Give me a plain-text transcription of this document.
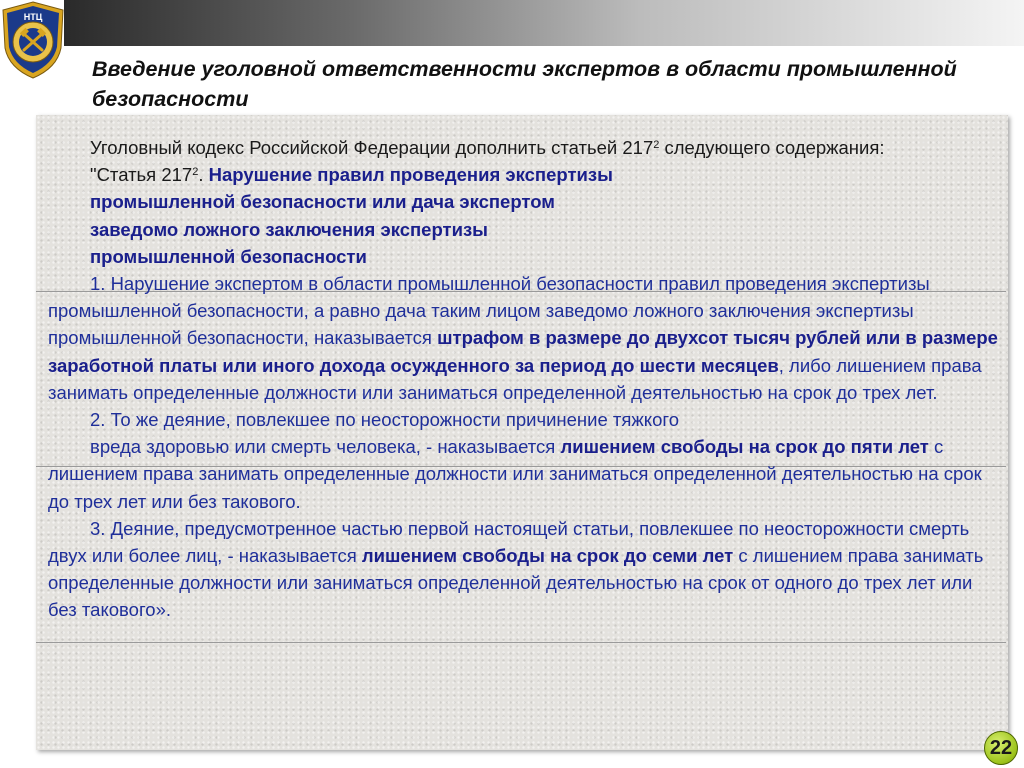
НТЦ
Введение уголовной ответственности экспертов в области промышленной безопасности

Уголовный кодекс Российской Федерации дополнить статьей $217^2$ следующего содержания:

"Статья $217^2$. Нарушение правил проведения экспертизы

промышленной безопасности или дача экспертом
заведомо ложного заключения экспертизы
промышленной безопасности

1. Нарушение экспертом в области промышленной безопасности правил проведения экспертизы промышленной безопасности, а равно дача таким лицом заведомо ложного заключения экспертизы промышленной безопасности, наказывается штрафом в размере до двухсот тысяч рублей или в размере заработной платы или иного дохода осужденного за период до шести месяцев, либо лишением права занимать определенные должности или заниматься определенной деятельностью на срок до трех лет.

2. То же деяние, повлекшее по неосторожности причинение тяжкого

вреда здоровью или смерть человека, - наказывается лишением свободы на срок до пяти лет с лишением права занимать определенные должности или заниматься определенной деятельностью на срок до трех лет или без такового.

3. Деяние, предусмотренное частью первой настоящей статьи, повлекшее по неосторожности смерть двух или более лиц, - наказывается лишением свободы на срок до семи лет с лишением права занимать определенные должности или заниматься определенной деятельностью на срок от одного до трех лет или без такового».

22
